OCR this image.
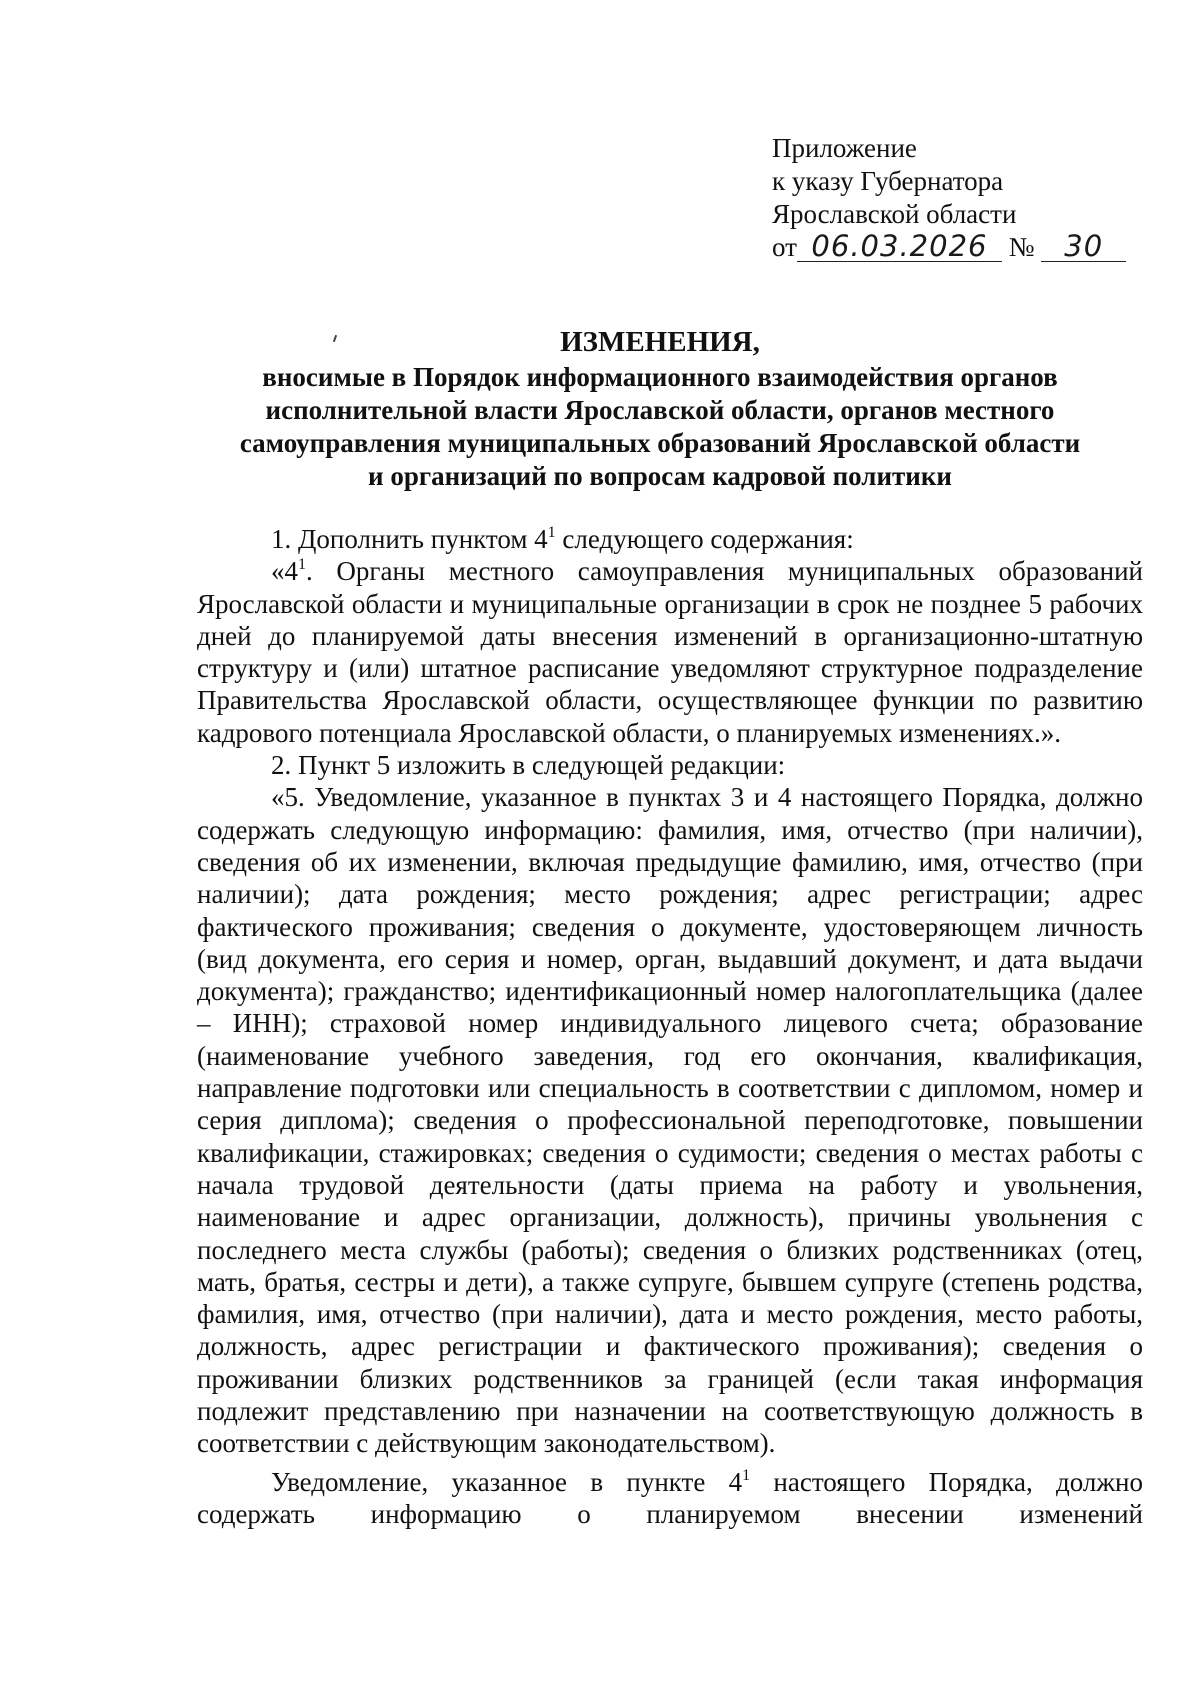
Приложение
к указу Губернатора
Ярославской области
от 06.03.2026 № 30
ИЗМЕНЕНИЯ,
вносимые в Порядок информационного взаимодействия органов
исполнительной власти Ярославской области, органов местного
самоуправления муниципальных образований Ярославской области
и организаций по вопросам кадровой политики

1. Дополнить пунктом $4^1$ следующего содержания:

«$4^1$. Органы местного самоуправления муниципальных образований Ярославской области и муниципальные организации в срок не позднее 5 рабочих дней до планируемой даты внесения изменений в организационно-штатную структуру и (или) штатное расписание уведомляют структурное подразделение Правительства Ярославской области, осуществляющее функции по развитию кадрового потенциала Ярославской области, о планируемых изменениях.».

2. Пункт 5 изложить в следующей редакции:

«5. Уведомление, указанное в пунктах 3 и 4 настоящего Порядка, должно содержать следующую информацию: фамилия, имя, отчество (при наличии), сведения об их изменении, включая предыдущие фамилию, имя, отчество (при наличии); дата рождения; место рождения; адрес регистрации; адрес фактического проживания; сведения о документе, удостоверяющем личность (вид документа, его серия и номер, орган, выдавший документ, и дата выдачи документа); гражданство; идентификационный номер налогоплательщика (далее – ИНН); страховой номер индивидуального лицевого счета; образование (наименование учебного заведения, год его окончания, квалификация, направление подготовки или специальность в соответствии с дипломом, номер и серия диплома); сведения о профессиональной переподготовке, повышении квалификации, стажировках; сведения о судимости; сведения о местах работы с начала трудовой деятельности (даты приема на работу и увольнения, наименование и адрес организации, должность), причины увольнения с последнего места службы (работы); сведения о близких родственниках (отец, мать, братья, сестры и дети), а также супруге, бывшем супруге (степень родства, фамилия, имя, отчество (при наличии), дата и место рождения, место работы, должность, адрес регистрации и фактического проживания); сведения о проживании близких родственников за границей (если такая информация подлежит представлению при назначении на соответствующую должность в соответствии с действующим законодательством).

Уведомление, указанное в пункте $4^1$ настоящего Порядка, должно содержать информацию о планируемом внесении изменений
